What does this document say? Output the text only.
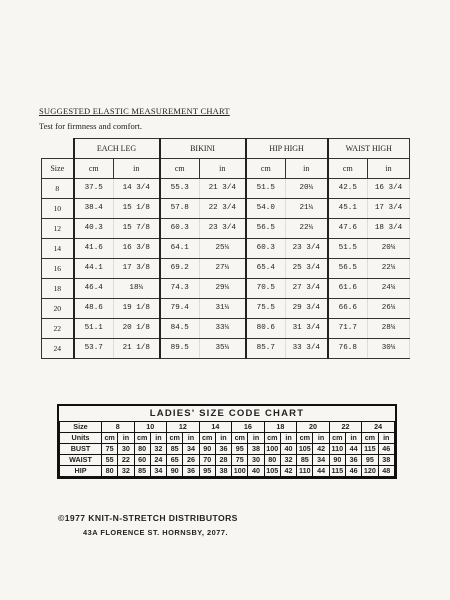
SUGGESTED ELASTIC MEASUREMENT CHART
Test for firmness and comfort.
	EACH LEG		BIKINI		HIP HIGH		WAIST HIGH	
Size	cm	in	cm	in	cm	in	cm	in
8	37.5	14 3/4	55.3	21 3/4	51.5	20¼	42.5	16 3/4
10	38.4	15 1/8	57.8	22 3/4	54.0	21¼	45.1	17 3/4
12	40.3	15 7/8	60.3	23 3/4	56.5	22¼	47.6	18 3/4
14	41.6	16 3/8	64.1	25¼	60.3	23 3/4	51.5	20¼
16	44.1	17 3/8	69.2	27¼	65.4	25 3/4	56.5	22¼
18	46.4	18¼	74.3	29¼	70.5	27 3/4	61.6	24¼
20	48.6	19 1/8	79.4	31¼	75.5	29 3/4	66.6	26¼
22	51.1	20 1/8	84.5	33¼	80.6	31 3/4	71.7	28¼
24	53.7	21 1/8	89.5	35¼	85.7	33 3/4	76.8	30¼
LADIES' SIZE CODE CHART
Size	8		10		12		14		16		18		20		22		24	
Units	cm	in	cm	in	cm	in	cm	in	cm	in	cm	in	cm	in	cm	in	cm	in
BUST	75	30	80	32	85	34	90	36	95	38	100	40	105	42	110	44	115	46
WAIST	55	22	60	24	65	26	70	28	75	30	80	32	85	34	90	36	95	38
HIP	80	32	85	34	90	36	95	38	100	40	105	42	110	44	115	46	120	48
©1977 KNIT-N-STRETCH DISTRIBUTORS
43A FLORENCE ST. HORNSBY, 2077.
